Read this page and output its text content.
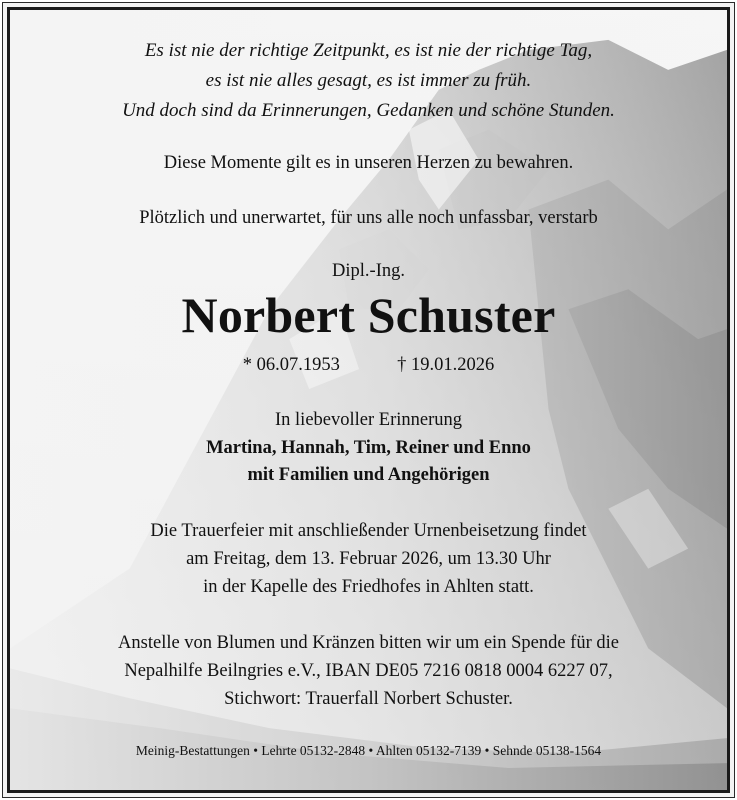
Es ist nie der richtige Zeitpunkt, es ist nie der richtige Tag,
es ist nie alles gesagt, es ist immer zu früh.
Und doch sind da Erinnerungen, Gedanken und schöne Stunden.
Diese Momente gilt es in unseren Herzen zu bewahren.
Plötzlich und unerwartet, für uns alle noch unfassbar, verstarb
Dipl.-Ing.
Norbert Schuster
* 06.07.1953	† 19.01.2026
In liebevoller Erinnerung
Martina, Hannah, Tim, Reiner und Enno
mit Familien und Angehörigen
Die Trauerfeier mit anschließender Urnenbeisetzung findet
am Freitag, dem 13. Februar 2026, um 13.30 Uhr
in der Kapelle des Friedhofes in Ahlten statt.
Anstelle von Blumen und Kränzen bitten wir um ein Spende für die
Nepalhilfe Beilngries e.V., IBAN DE05 7216 0818 0004 6227 07,
Stichwort: Trauerfall Norbert Schuster.
Meinig-Bestattungen • Lehrte 05132-2848 • Ahlten 05132-7139 • Sehnde 05138-1564
